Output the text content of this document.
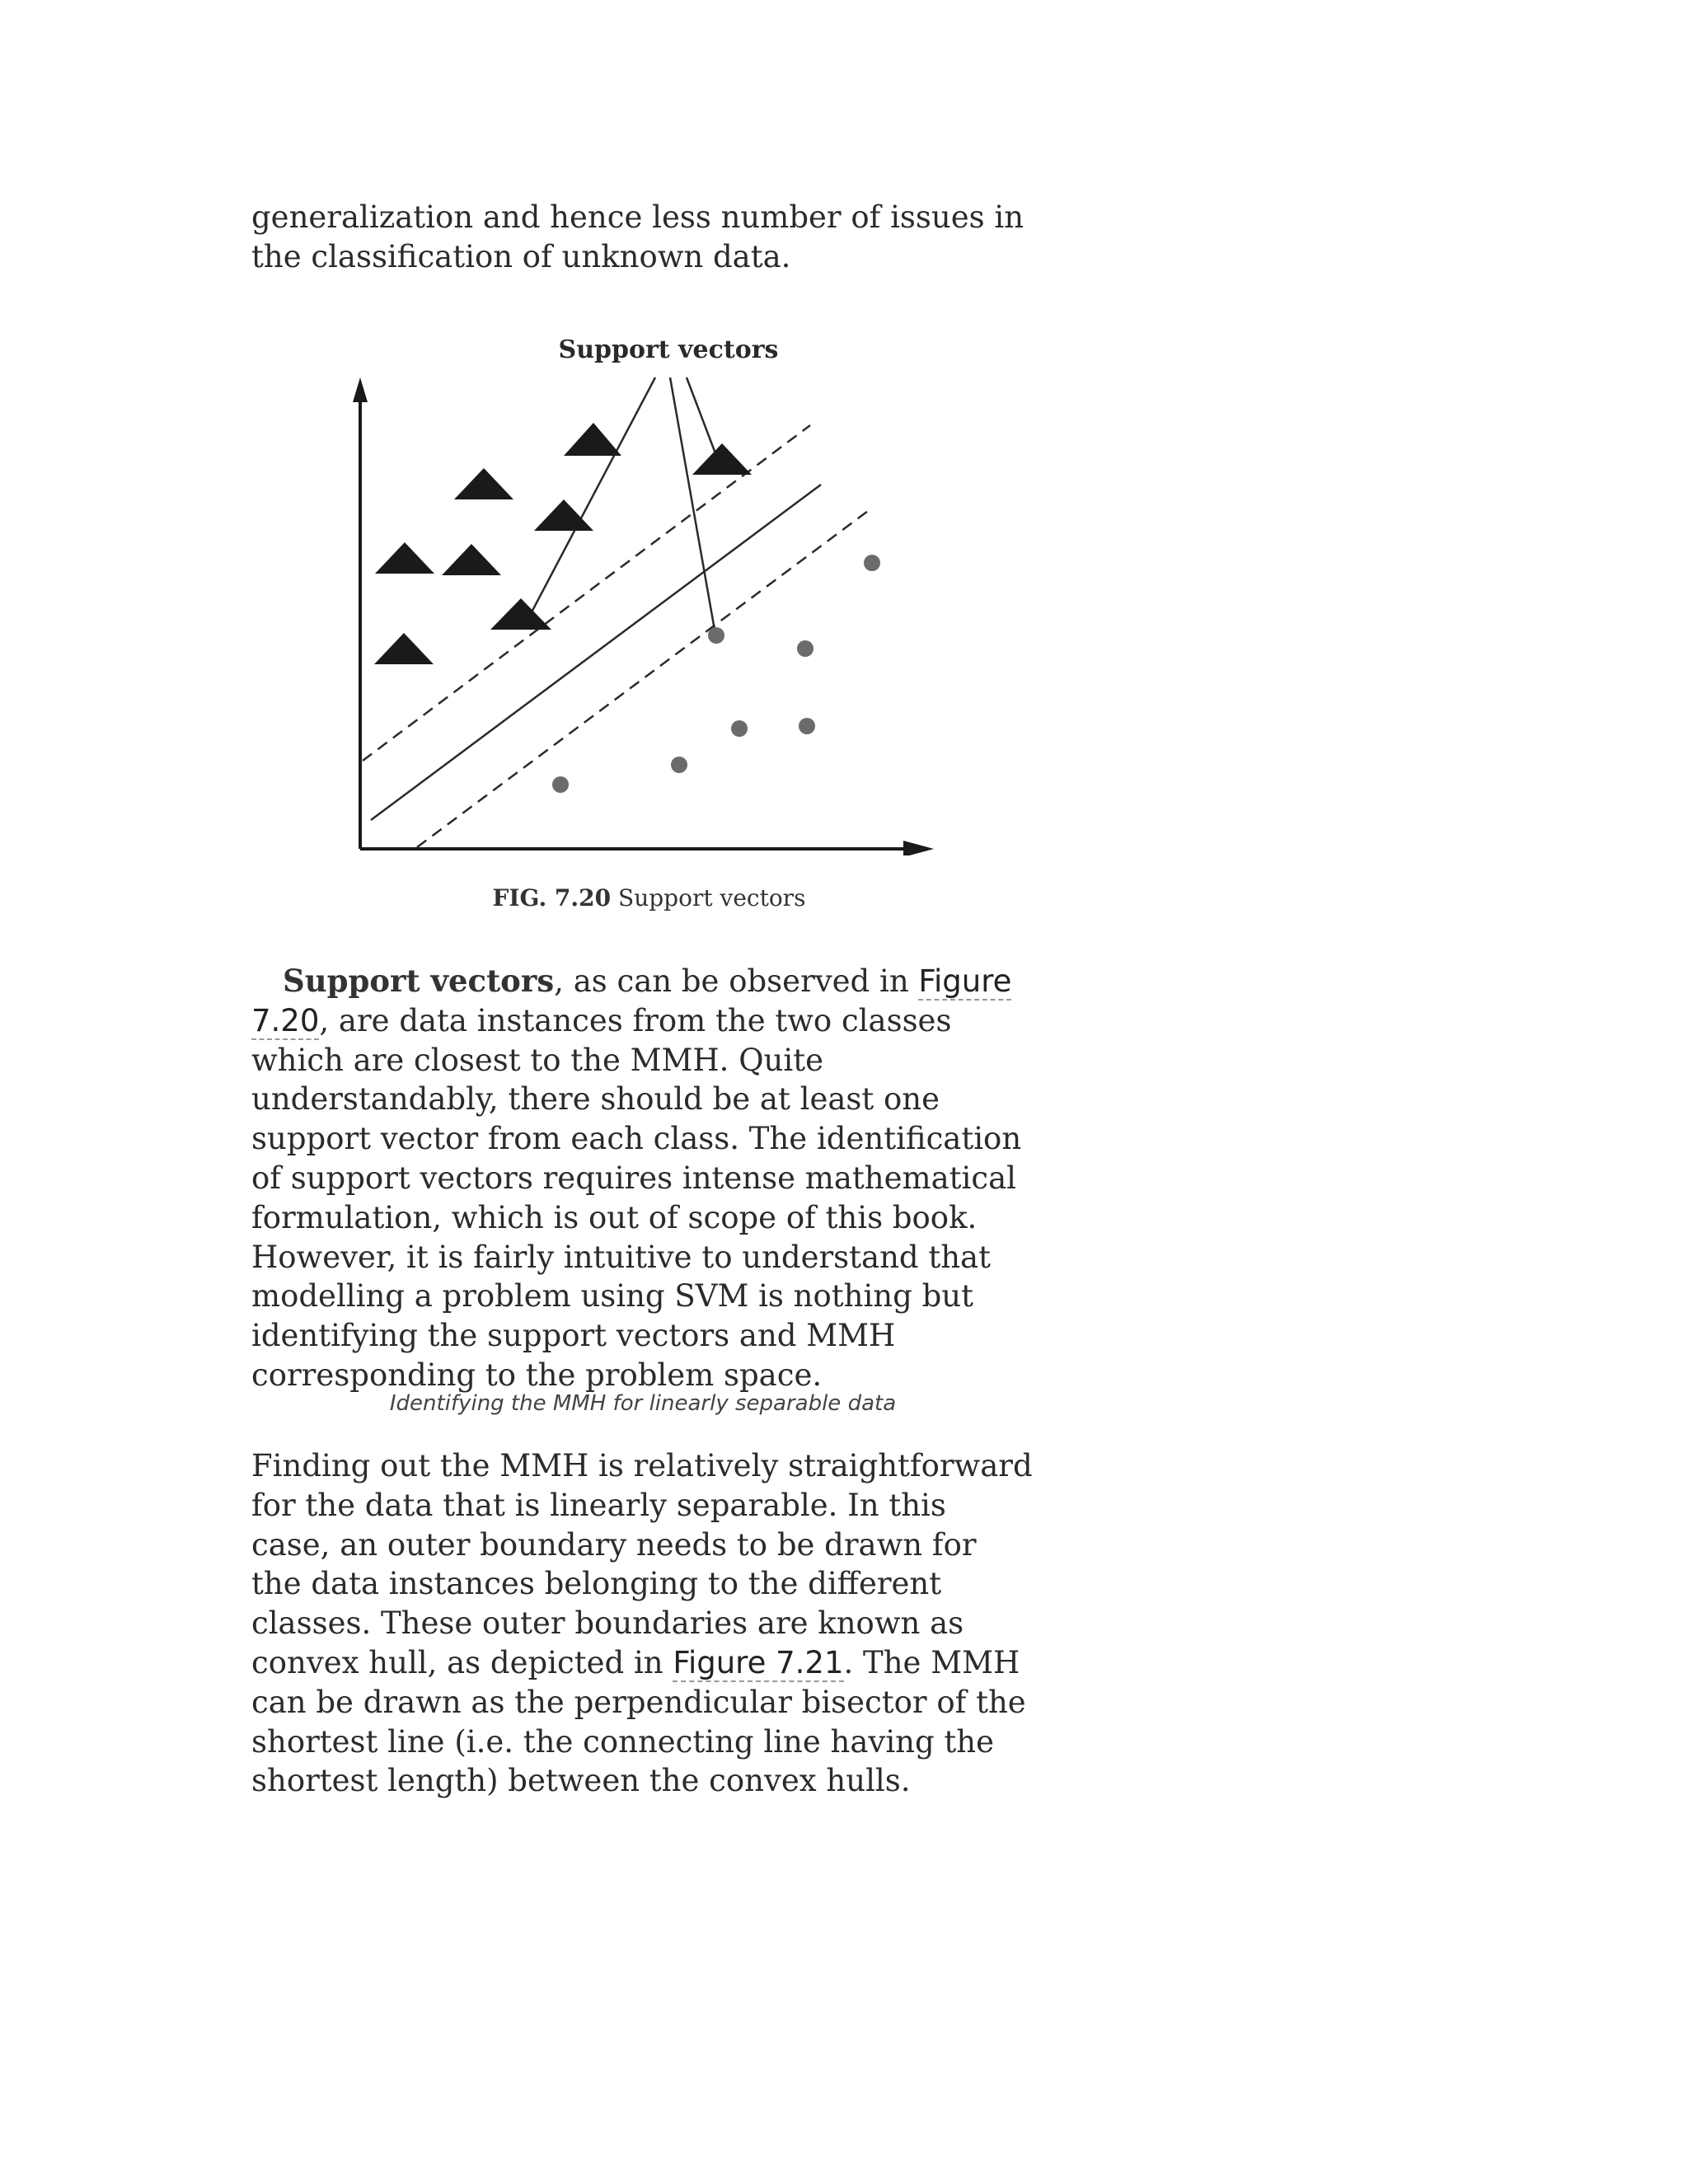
generalization and hence less number of issues in the classification of unknown data.

Support vectors
FIG. 7.20 Support vectors

Support vectors, as can be observed in Figure 7.20, are data instances from the two classes which are closest to the MMH. Quite understandably, there should be at least one support vector from each class. The identification of support vectors requires intense mathematical formulation, which is out of scope of this book. However, it is fairly intuitive to understand that modelling a problem using SVM is nothing but identifying the support vectors and MMH corresponding to the problem space.

Identifying the MMH for linearly separable data

Finding out the MMH is relatively straightforward for the data that is linearly separable. In this case, an outer boundary needs to be drawn for the data instances belonging to the different classes. These outer boundaries are known as convex hull, as depicted in Figure 7.21. The MMH can be drawn as the perpendicular bisector of the shortest line (i.e. the connecting line having the shortest length) between the convex hulls.
